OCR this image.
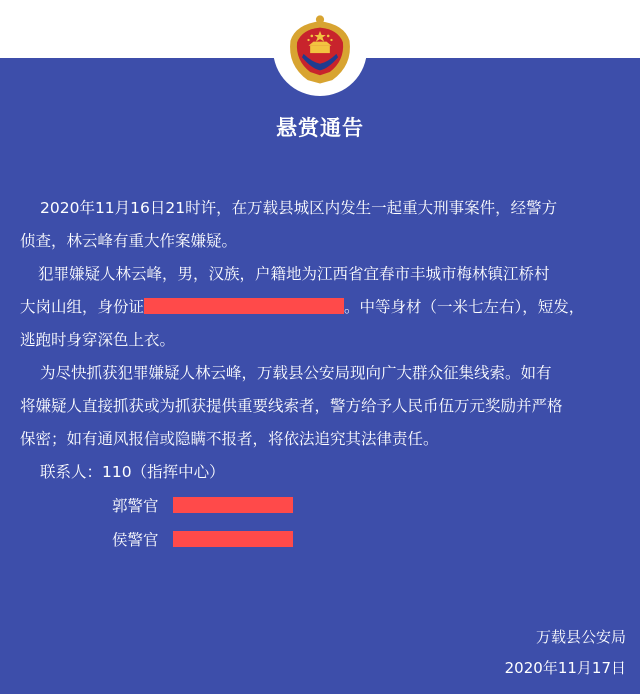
悬赏通告

2020年11月16日21时许，在万载县城区内发生一起重大刑事案件，经警方

侦查，林云峰有重大作案嫌疑。

犯罪嫌疑人林云峰，男，汉族，户籍地为江西省宜春市丰城市梅林镇江桥村

大岗山组，身份证	。中等身材（一米七左右），短发，

逃跑时身穿深色上衣。

为尽快抓获犯罪嫌疑人林云峰，万载县公安局现向广大群众征集线索。如有

将嫌疑人直接抓获或为抓获提供重要线索者，警方给予人民币伍万元奖励并严格

保密；如有通风报信或隐瞒不报者，将依法追究其法律责任。

联系人：110（指挥中心）

郭警官
侯警官
万载县公安局
2020年11月17日
